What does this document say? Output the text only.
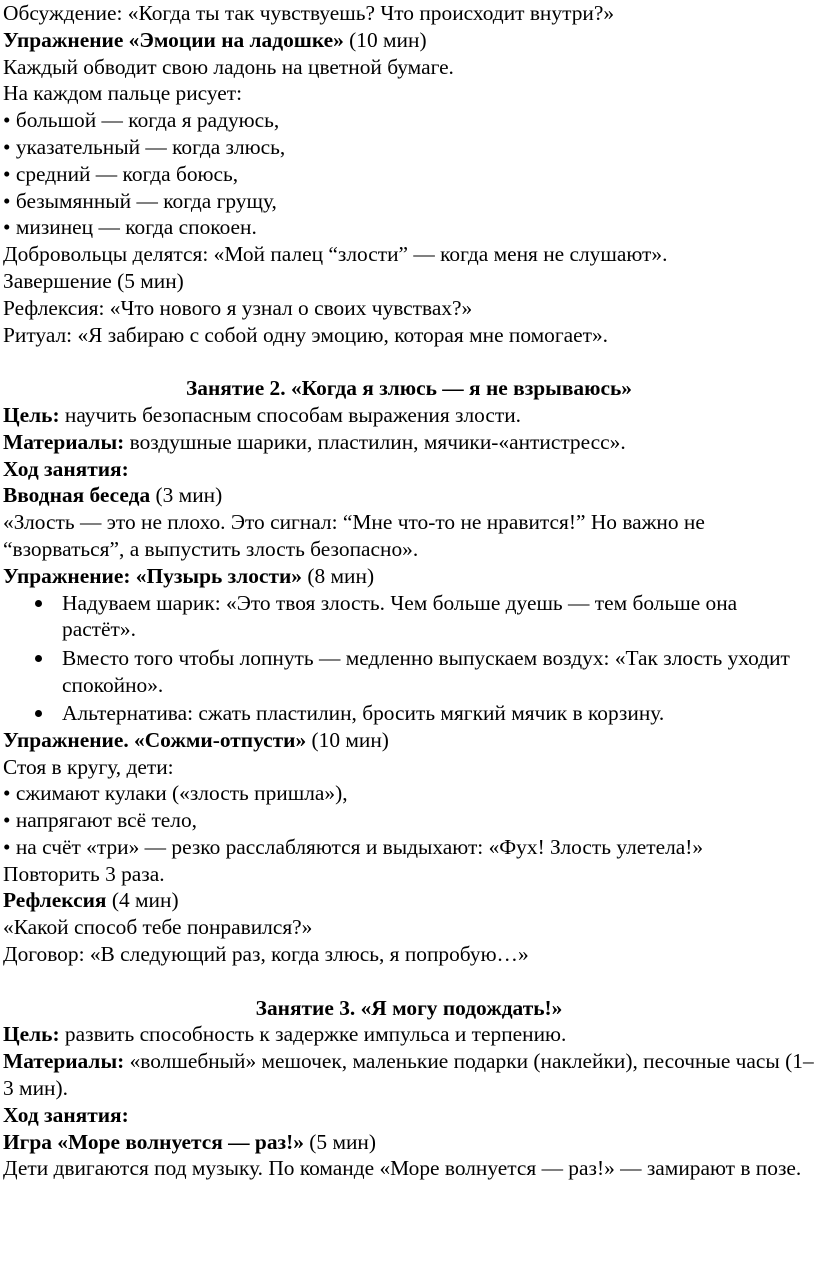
Обсуждение: «Когда ты так чувствуешь? Что происходит внутри?»
Упражнение «Эмоции на ладошке» (10 мин)
Каждый обводит свою ладонь на цветной бумаге.
На каждом пальце рисует:
• большой — когда я радуюсь,
• указательный — когда злюсь,
• средний — когда боюсь,
• безымянный — когда грущу,
• мизинец — когда спокоен.
Добровольцы делятся: «Мой палец “злости” — когда меня не слушают».
Завершение (5 мин)
Рефлексия: «Что нового я узнал о своих чувствах?»
Ритуал: «Я забираю с собой одну эмоцию, которая мне помогает».
Занятие 2. «Когда я злюсь — я не взрываюсь»
Цель: научить безопасным способам выражения злости.
Материалы: воздушные шарики, пластилин, мячики-«антистресс».
Ход занятия:
Вводная беседа (3 мин)
«Злость — это не плохо. Это сигнал: “Мне что-то не нравится!” Но важно не “взорваться”, а выпустить злость безопасно».
Упражнение: «Пузырь злости» (8 мин)
Надуваем шарик: «Это твоя злость. Чем больше дуешь — тем больше она растёт».
Вместо того чтобы лопнуть — медленно выпускаем воздух: «Так злость уходит спокойно».
Альтернатива: сжать пластилин, бросить мягкий мячик в корзину.
Упражнение. «Сожми-отпусти» (10 мин)
Стоя в кругу, дети:
• сжимают кулаки («злость пришла»),
• напрягают всё тело,
• на счёт «три» — резко расслабляются и выдыхают: «Фух! Злость улетела!»
Повторить 3 раза.
Рефлексия (4 мин)
«Какой способ тебе понравился?»
Договор: «В следующий раз, когда злюсь, я попробую…»
Занятие 3. «Я могу подождать!»
Цель: развить способность к задержке импульса и терпению.
Материалы: «волшебный» мешочек, маленькие подарки (наклейки), песочные часы (1–3 мин).
Ход занятия:
Игра «Море волнуется — раз!» (5 мин)
Дети двигаются под музыку. По команде «Море волнуется — раз!» — замирают в позе.
